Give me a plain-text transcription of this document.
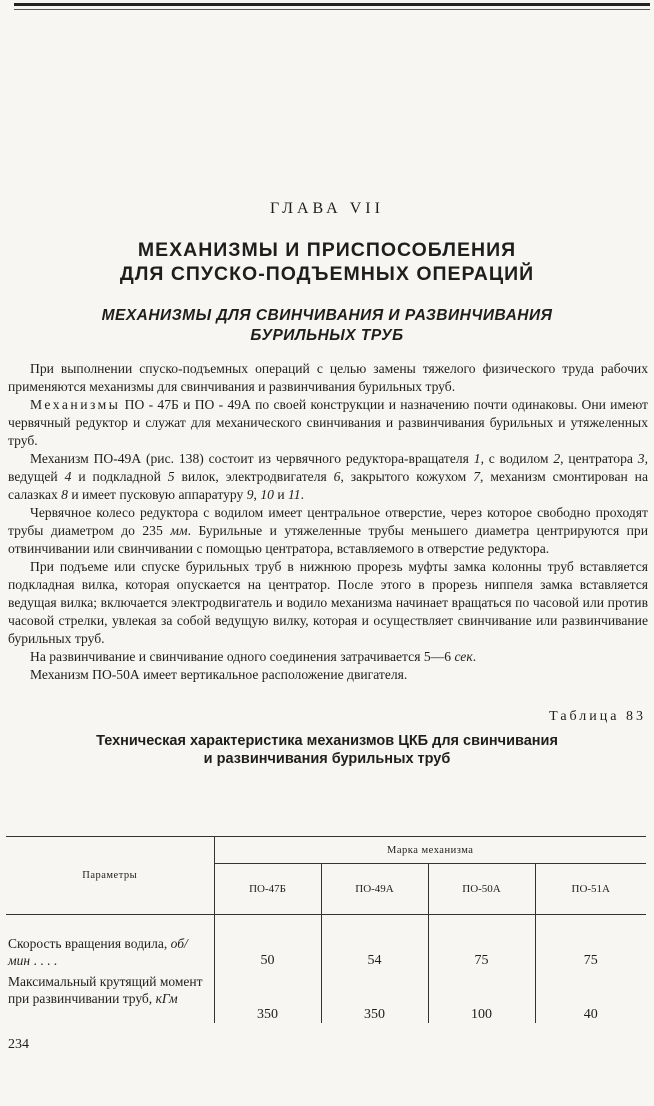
ГЛАВА VII
МЕХАНИЗМЫ И ПРИСПОСОБЛЕНИЯ
ДЛЯ СПУСКО-ПОДЪЕМНЫХ ОПЕРАЦИЙ
МЕХАНИЗМЫ ДЛЯ СВИНЧИВАНИЯ И РАЗВИНЧИВАНИЯ
БУРИЛЬНЫХ ТРУБ

При выполнении спуско-подъемных операций с целью замены тяжелого физического труда рабочих применяются механизмы для свинчивания и развинчивания бурильных труб.

Механизмы ПО - 47Б и ПО - 49А по своей конструкции и назначению почти одинаковы. Они имеют червячный редуктор и служат для механического свинчивания и развинчивания бурильных и утяжеленных труб.

Механизм ПО-49А (рис. 138) состоит из червячного редуктора-вращателя 1, с водилом 2, центратора 3, ведущей 4 и подкладной 5 вилок, электродвигателя 6, закрытого кожухом 7, механизм смонтирован на салазках 8 и имеет пусковую аппаратуру 9, 10 и 11.

Червячное колесо редуктора с водилом имеет центральное отверстие, через которое свободно проходят трубы диаметром до 235 мм. Бурильные и утяжеленные трубы меньшего диаметра центрируются при отвинчивании или свинчивании с помощью центратора, вставляемого в отверстие редуктора.

При подъеме или спуске бурильных труб в нижнюю прорезь муфты замка колонны труб вставляется подкладная вилка, которая опускается на центратор. После этого в прорезь ниппеля замка вставляется ведущая вилка; включается электродвигатель и водило механизма начинает вращаться по часовой или против часовой стрелки, увлекая за собой ведущую вилку, которая и осуществляет свинчивание или развинчивание бурильных труб.

На развинчивание и свинчивание одного соединения затрачивается 5—6 сек.

Механизм ПО-50А имеет вертикальное расположение двигателя.

Таблица 83
Техническая характеристика механизмов ЦКБ для свинчивания
и развинчивания бурильных труб
Параметры	Марка механизма			
	ПО-47Б	ПО-49А	ПО-50А	ПО-51А
Скорость вращения водила, об/мин . . . .	50	54	75	75
Максимальный крутящий момент при развинчивании труб, кГм	350	350	100	40
234
